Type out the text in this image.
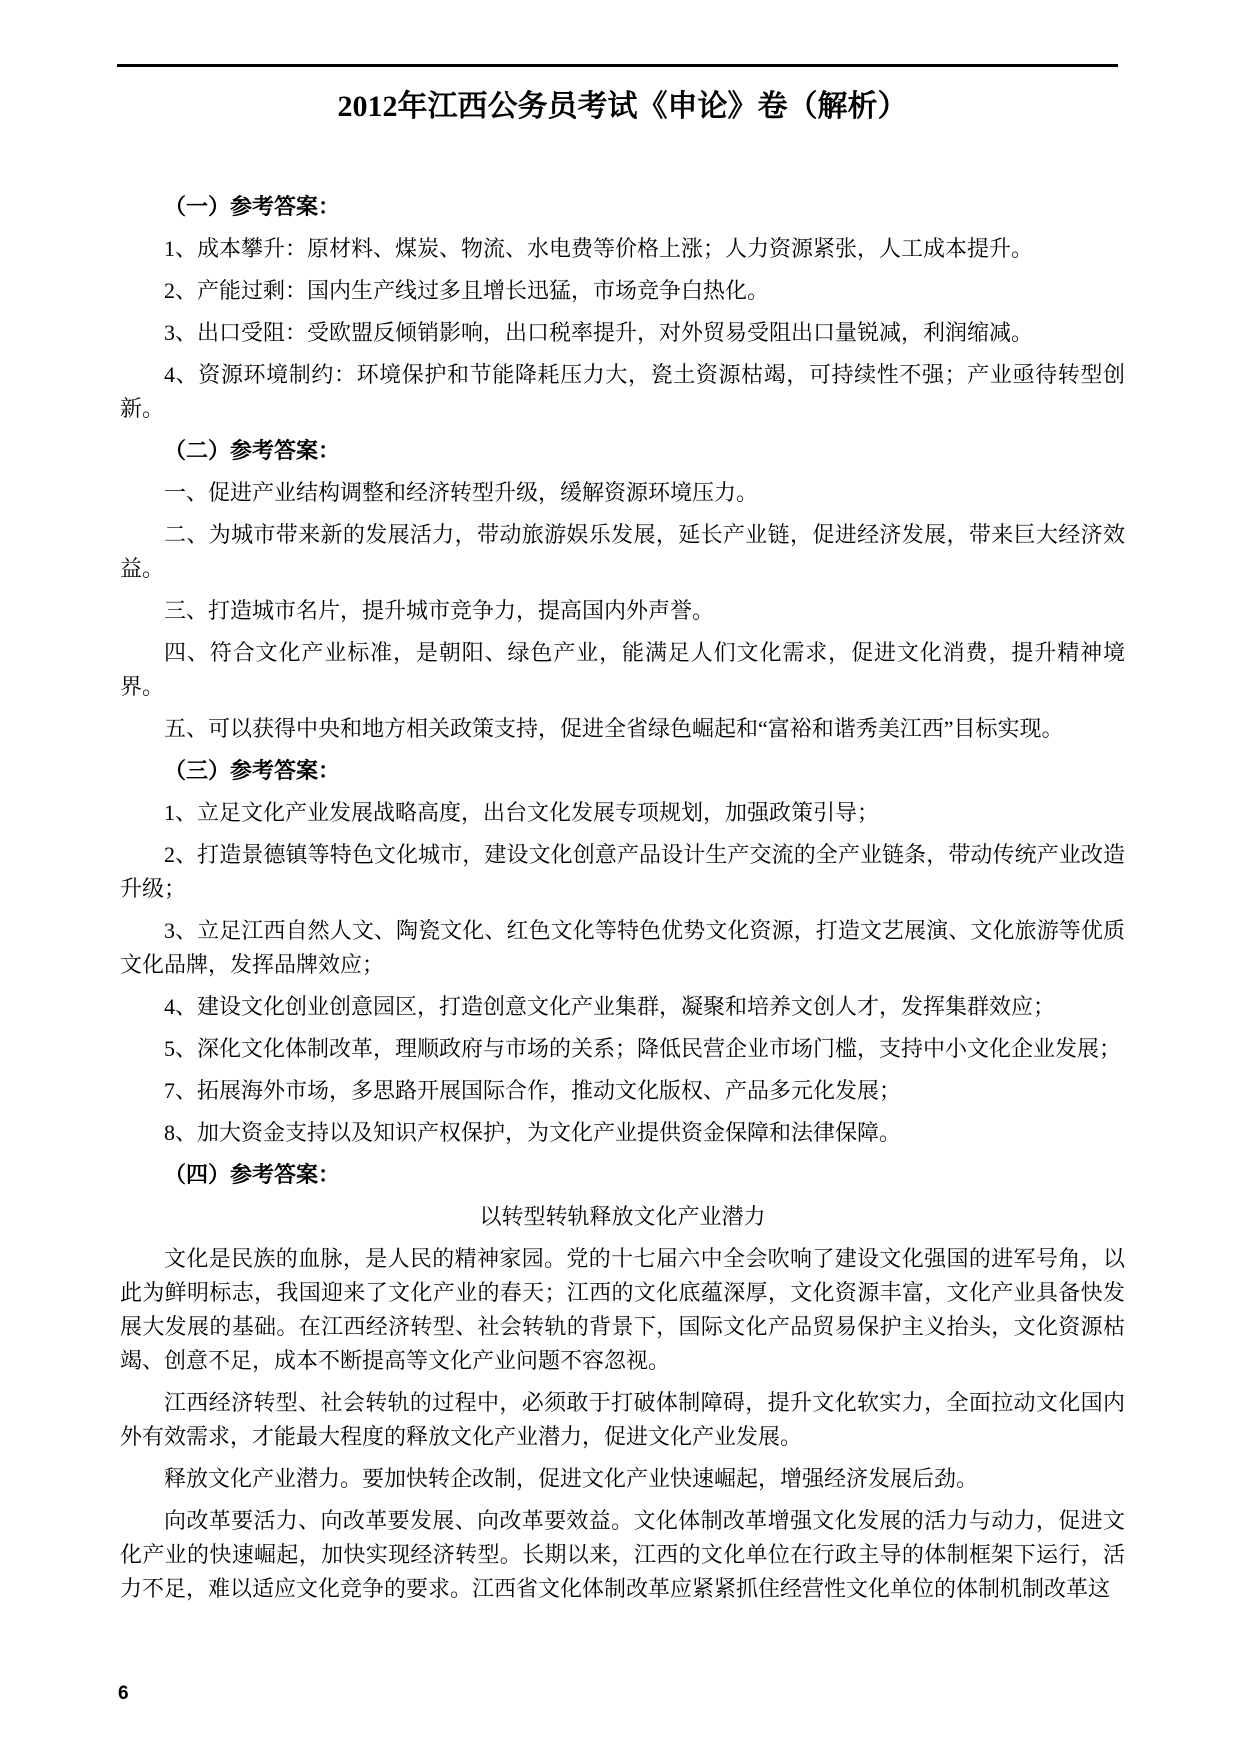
2012年江西公务员考试《申论》卷（解析）
（一）参考答案：

1、成本攀升：原材料、煤炭、物流、水电费等价格上涨；人力资源紧张，人工成本提升。

2、产能过剩：国内生产线过多且增长迅猛，市场竞争白热化。

3、出口受阻：受欧盟反倾销影响，出口税率提升，对外贸易受阻出口量锐减，利润缩减。

4、资源环境制约：环境保护和节能降耗压力大，瓷土资源枯竭，可持续性不强；产业亟待转型创新。

（二）参考答案：

一、促进产业结构调整和经济转型升级，缓解资源环境压力。

二、为城市带来新的发展活力，带动旅游娱乐发展，延长产业链，促进经济发展，带来巨大经济效益。

三、打造城市名片，提升城市竞争力，提高国内外声誉。

四、符合文化产业标准，是朝阳、绿色产业，能满足人们文化需求，促进文化消费，提升精神境界。

五、可以获得中央和地方相关政策支持，促进全省绿色崛起和“富裕和谐秀美江西”目标实现。

（三）参考答案：

1、立足文化产业发展战略高度，出台文化发展专项规划，加强政策引导；

2、打造景德镇等特色文化城市，建设文化创意产品设计生产交流的全产业链条，带动传统产业改造升级；

3、立足江西自然人文、陶瓷文化、红色文化等特色优势文化资源，打造文艺展演、文化旅游等优质文化品牌，发挥品牌效应；

4、建设文化创业创意园区，打造创意文化产业集群，凝聚和培养文创人才，发挥集群效应；

5、深化文化体制改革，理顺政府与市场的关系；降低民营企业市场门槛，支持中小文化企业发展；

7、拓展海外市场，多思路开展国际合作，推动文化版权、产品多元化发展；

8、加大资金支持以及知识产权保护，为文化产业提供资金保障和法律保障。

（四）参考答案：

以转型转轨释放文化产业潜力

文化是民族的血脉，是人民的精神家园。党的十七届六中全会吹响了建设文化强国的进军号角，以此为鲜明标志，我国迎来了文化产业的春天；江西的文化底蕴深厚，文化资源丰富，文化产业具备快发展大发展的基础。在江西经济转型、社会转轨的背景下，国际文化产品贸易保护主义抬头，文化资源枯竭、创意不足，成本不断提高等文化产业问题不容忽视。

江西经济转型、社会转轨的过程中，必须敢于打破体制障碍，提升文化软实力，全面拉动文化国内外有效需求，才能最大程度的释放文化产业潜力，促进文化产业发展。

释放文化产业潜力。要加快转企改制，促进文化产业快速崛起，增强经济发展后劲。

向改革要活力、向改革要发展、向改革要效益。文化体制改革增强文化发展的活力与动力，促进文化产业的快速崛起，加快实现经济转型。长期以来，江西的文化单位在行政主导的体制框架下运行，活力不足，难以适应文化竞争的要求。江西省文化体制改革应紧紧抓住经营性文化单位的体制机制改革这

6
